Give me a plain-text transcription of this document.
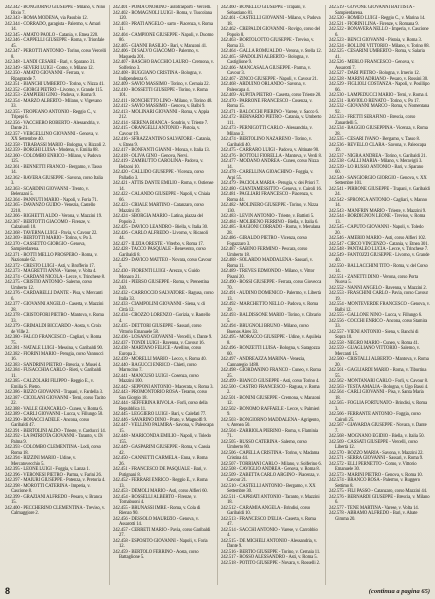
242.342 - BONGIORNO GIUSEPPE - Milano, v. Nino Bixio 7.

242.343 - ROMA MODENA, via Pasubio 12.

242.344 - CORRADO, garagista - Palermo, v. Amari 14.

242.345 - AMATO PAOLO - Catania, v. Etnea 220.

242.346 - CAPPELLI GIUSEPPE - Roma, v. Trionfale 45.

242.347 - PEROTTI ANTONIO - Torino, corso Vercelli 8.

242.348 - LANDI CESARE - Bari, v. Sparano 31.

242.349 - SEVERI LUIGI - Como, v. Milano 12.

242.350 - AMATO GIOVANNI - Ferrara, v. Ripagrande 7.

242.351 - BIANCHI UMBERTO - Torino, v. Nizza 41.

242.352 - GIORGI PIETRO - Livorno, v. Grande 115.

242.353 - ZAMPIERI GINO - Padova, v. Roma 9.

242.354 - MARZO ALBERTO - Milano, v. Vigevano 33.

242.355 - TROPEANO ANTONIO - Reggio C., v. Tripepi 6.

242.356 - VACCHERO ROBERTO - Alessandria, v. Dante 21.

242.357 - VERGELLINO GIOVANNI - Genova, v. XX Settembre 40.

242.358 - TIRABASSI MARIO - Bologna, v. Rizzoli 2.

242.359 - BORGHI LUISA - Modena, v. Emilia 88.

242.360 - COLOMBO ENRICO - Milano, v. Padova 125.

242.361 - BENNETTI FRANCO - Bergamo, v. Tasso 14.

242.362 - RAVERA GIUSEPPE - Savona, corso Italia 3.

242.363 - SCARDINI GIOVANNI - Trento, v. Belenzani 5.

242.364 - PANNUTI MARIO - Napoli, v. Foria 71.

242.365 - DAVANZO GUIDO - Venezia, Castello 2210.

242.366 - RIGHETTI ALDO - Verona, v. Mazzini 19.

242.367 - BERTOTTI GIACOMO - Firenze, v. Calzaiuoli 10.

242.368 - TAVERNA LUIGI - Pavia, v. Cavour 22.

242.369 - BERTOTTI MARIO - Torino, v. Po 3.

242.370 - CASSETTO GIORGIO - Genova, Sampierdarena.

242.371 - ROTTI MELLO PROSPERO - Roma, v. Nazionale 62.

242.372 - CRESTO LUIGI - Asti, v. Brofferio 17.

242.373 - MAGRETTI ANNA - Varese, v. Volta 4.

242.374 - CARDANI NICOLA - Lecce, v. Trinchese 8.

242.375 - CRISTIO ANTONIO - Salerno, corso Umberto 12.

242.376 - CARDARELLI DANTE - Pisa, v. Mercanti 6.

242.377 - GIOVANNI ANGELO - Caserta, v. Mazzini 28.

242.378 - CRISTOFORI PIETRO - Mantova, v. Roma 33.

242.379 - GRIMALDI BICCARDO - Aosta, v. Croix de Ville 2.

242.380 - FALCO FRANCESCO - Cagliari, v. Roma 75.

242.381 - NATALE LUIGI - Messina, v. Garibaldi 90.

242.382 - FIORINI MARIO - Perugia, corso Vannucci 16.

242.383 - SANDRINI PIETRO - Brescia, v. Musei 4.

242.384 - FUSACCHIA CARLO - Rieti, v. Garibaldi 11.

242.385 - CALZOLARI FILIPPO - Reggio E., v. Emilia S. Pietro.

242.386 - RIZZO GIOVANNI - Trapani, v. Fardella 3.

242.387 - CICOLANI GIOVANNI - Terni, corso Tacito 22.

242.388 - VALLE GIANCARLO - Cuneo, v. Roma 6.

242.389 - CARLI GIOVANNI - Lucca, v. Fillungo 50.

242.390 - BONACCI ADELE - Ancona, corso Garibaldi 47.

242.391 - BERTOLINI ALDO - Trieste, v. Carducci 14.

242.392 - LA PATRIOTA GIOVANNI - Taranto, v. Di Palma 9.

242.393 - COLOMBO CLEMENTINA - Lodi, corso Roma 18.

242.394 - RIZZINI MARIO - Udine, v. Mercatovecchio 5.

242.395 - LEONE LUIGI - Foggia, v. Lanza 1.

242.396 - VERONESI PIETRO - Parma, v. Farini 26.

242.397 - MAIURI GIUSEPPE - Potenza, v. Pretoria 4.

242.398 - MOROTTI CATERINA - Imperia, v. Cascione 8.

242.399 - GRAZIANI ALFREDO - Pesaro, v. Branca 15.

242.400 - PECCHERINO CLEMENTINA - Treviso, v. Calmaggiore 2.

242.401 - POMA ONORINO - autotrasporti - Vercelli.

242.402 - ROMAGNOLI LUIGI - Roma, v. Tuscolana 120.

242.403 - PRATI ANGELO - sarto - Piacenza, v. Roma 11.

242.404 - CAMPIONE GIUSEPPE - Napoli, v. Duomo 86.

242.405 - GIANNI BASILIO - Bari, v. Manzoni 41.

242.406 - DI SALVO GIACOMO - Palermo, v. Maqueda 201.

242.407 - BASCHO BACCHIO LAURO - Cremona, v. Solferino 3.

242.408 - BUGGIANO CRISTINA - Bologna, v. Indipendenza 6.

242.409 - SAVIO MASSIMO - Torino, v. Cernaia 22.

242.410 - ROSSETTI GIUSEPPE - Torino, v. Roma 101.

242.411 - RONCHETTO LINO - Milano, v. Torino 48.

242.412 - SAVIO MASSIMO - Genova, v. Balbi 9.

242.413 - MOLINARI GIOVANNI - Roma, v. Appia 212.

242.414 - SERENA BIANCA - Sondrio, v. Trieste 7.

242.415 - ORANGELLI ANTONIO - Pistoia, v. Cavour 19.

242.416 - SFRAZZANTINO SALVATORE - Catania, v. Etnea 9.

242.417 - BONFANTI GIANNI - Monza, v. Italia 13.

242.418 - OLIVA GINO - Genova, Nervi.

242.419 - ZAMBUTTO CAROLINA - Padova, v. Belzoni 10.

242.420 - CALLIDO GIUSEPPE - Vicenza, corso Palladio 3.

242.421 - ATTIS DANTE EMILIO - Roma, v. Ostiense 14.

242.422 - CALANDO GIUSEPPE - Napoli, v. Chiaia 66.

242.423 - CRIALE MARTINO - Catanzaro, corso Mazzini 19.

242.424 - SBORGIA MARIO - Latina, piazza del Popolo 2.

242.425 - DAVICO LEANDRO - Biella, v. Italia 30.

242.426 - CARLO ALFREDO - Livorno, v. Ricasoli 44.

242.427 - ILIZIA ORESTE - Viterbo, v. Roma 17.

242.428 - TACCO PASQUALE - Benevento, corso Garibaldi 8.

242.429 - DAVICO MATTEO - Novara, corso Cavour 5.

242.430 - FIORENTI LUIGI - Arezzo, v. Guido Monaco 21.

242.431 - PIERSO GIUSEPPE - Roma, v. Prenestina 240.

242.432 - CARROCCIO SALVATORE - Ragusa, corso Italia 33.

242.433 - CIAMPOLINI GIOVANNI - Siena, v. di Città 12.

242.434 - CROZZO LORENZO - Gorizia, v. Rastello 4.

242.435 - DETTORI GIUSEPPE - Sassari, corso Vittorio Emanuele 58.

242.436 - LOSANO GIOVANNI - Vercelli, v. Dante 9.

242.437 - TONDI LUIGI - Ravenna, v. Cavour 16.

242.438 - MARTANO FELICE - Avellino, corso Europa 2.

242.439 - MORELLI MARIO - Lecco, v. Roma 40.

242.440 - RAGUCCI ENRICO - Chieti, corso Marrucino 7.

242.441 - MANCUSO LUIGI - Cosenza, corso Mazzini 100.

242.442 - SEPPONI ANTONIO - Macerata, v. Roma 3.

242.443 - PROMONTORIO ROSA - Teramo, corso San Giorgio 18.

242.444 - SEFFERINA RIVOLA - Forlì, corso della Repubblica 11.

242.445 - LEGGIERO LUIGI - Bari, v. Calefati 77.

242.446 - SAVARINO DINO - Prato, v. Magnolfi 9.

242.447 - VELLINO PALMIRA - Savona, v. Paleocapa 15.

242.448 - MARICONDA EMILIO - Napoli, v. Toledo 155.

242.449 - GASPARINI GIUSEPPE - Roma, v. Cassia 42.

242.450 - CANNETTI CARMELA - Enna, v. Roma 26.

242.451 - FRANCESCO DE PASQUALE - Bari, v. Putignani 8.

242.452 - FERRARI ENRICO - Reggio E., v. Roma 13.

242.453 - DEMOLI MARIO - Asti, corso Alfieri 60.

242.454 - ROSSELLI ALBERTO - Firenze, v. Tornabuoni 4.

242.455 - BRUNASSI IMRE - Roma, v. Cola di Rienzo 90.

242.456 - DESSOLO MAURIZIO - Genova, v. Assarotti 14.

242.457 - CERRETI MARIO - Pavia, corso Garibaldi 27.

242.458 - ESPOSITO GIOVANNI - Napoli, v. Foria 12.

242.459 - BERTOLO FERRINO - Aosta, corso Battaglione 5.

242.460 - BONELLO GIUSEPPE - Trapani, v. Sebastiano 81.

242.461 - CASTELLI GIOVANNI - Milano, v. Padova 18.

242.462 - CREPALDI GIOVANNI - Rovigo, corso del Popolo 8.

242.463 - BORTOLOTTO GIUSEPPE - Treviso, v. Roma 33.

242.464 - GALLA ROMUALDO - Verona, v. Stella 12.

242.465 - SPADOLINI ALBERTO - Bologna, v. Castiglione 9.

242.466 - MANCASALA GIUSEPPE - Parma, v. Cavour 3.

242.467 - ZINCO GIUSEPPE - Napoli, v. Cavour 21.

242.468 - ARDUINO ORLANDO - Savona, v. Paleocapa 4.

242.469 - AUPITA PIETRO - Caserta, corso Trieste 20.

242.470 - PARRONE FRANCESCO - Cosenza, v. Roma 15.

242.471 - BALOCCHI PIERINO - Varese, v. Sacco 6.

242.472 - BERNARDO PIETRO - Catania, v. Umberto 111.

242.473 - PERNIGOTTI CARLO - Alessandria, v. Milano 2.

242.474 - BERTOLINO NAZARENO - Torino, v. Garibaldi 40.

242.475 - CARRARO LUIGI - Padova, v. Altinate 90.

242.476 - BOTTOLI FIORELLA - Mantova, v. Verdi 8.

242.477 - MODANO ANDREA - Cuneo, corso Nizza 14.

242.478 - CARELLINA GIOACHINO - Foggia, v. Arpi 55.

242.479 - PACIOLA MARIA - Perugia, v. dei Priori 7.

242.480 - GIANTAMESSITTO - Genova, v. Cairoli 16.

242.481 - PAGLIARI FRANCESCO - Piacenza, v. Roma 44.

242.482 - MOLINERO GIUSEPPE - Torino, v. Nizza 130.

242.483 - LEVIN ANTONIO - Trieste, v. Battisti 5.

242.484 - MOLIBENO FERRINO - Biella, v. Italia 6.

242.485 - RAGIONI CORRADO - Roma, v. Merulana 28.

242.486 - GIRALDO PIETRO - Vicenza, corso Fogazzaro 3.

242.487 - SABINO FERMINO - Pescara, corso Umberto 18.

242.488 - SOLARDO MADDALENA - Sassari, v. Roma 11.

242.489 - TREVES EDMONDO - Milano, v. Vittor Pisani 20.

242.490 - ROSSI GIUSEPPE - Ferrara, corso Giovecca 70.

242.491 - AUDINO DOMENICO - Palermo, v. Libertà 13.

242.492 - MARCHETTO NELLO - Padova, v. Roma 39.

242.493 - BALDISSONE MARIO - Torino, v. Cibrario 5.

242.494 - BRUGNOLI BRUNO - Milano, corso Buenos Aires 33.

242.495 - MORACCO GIUSEPPE - Udine, v. Aquileia 8.

242.496 - RONZETTI LUISA - Bologna, v. Saragozza 60.

242.497 - ANDREAZZA MARINA - Venezia, Cannaregio 1488.

242.498 - GIORDANINO FRANCO - Cuneo, v. Roma 25.

242.499 - BIANCO GIUSEPPE - Asti, corso Torino 4.

242.500 - CASTRO FRANCESCO - Ragusa, v. Roma 2.

242.501 - BONINI GIUSEPPE - Cremona, v. Manzoni 12.

242.502 - BONOMO RAFFAELE - Lecce, v. Palmieri 9.

242.503 - BONGIORNO MADDALENA - Agrigento, v. Atenea 50.

242.504 - ZARRIOLA PIERINO - Roma, v. Flaminia 71.

242.505 - RUSSO CATERINA - Salerno, corso Umberto 80.

242.506 - CAPELLA CRISTINA - Torino, v. Madama Cristina 44.

242.507 - TORRIANI CARLO - Milano, v. Solferino 6.

242.508 - CAVIGLIO ANDREA - Genova, v. Roma 8.

242.509 - ZABETTA CARLO ARGINO - Piacenza, v. Cavour 21.

242.510 - CASTELLI ANTONIO - Bergamo, v. XX Settembre 30.

242.511 - CAPRIATI ANTONIO - Taranto, v. Mazzini 18.

242.512 - CARAMIA ANGELA - Brindisi, corso Garibaldi 10.

242.513 - FRANCESCO D'ELIA - Caserta, v. Roma 47.

242.514 - SACCHI ANTONIO - Varese, v. Carrobbio 4.

242.515 - DE MICHELI ANTONIO - Alessandria, v. Dante 9.

242.516 - BERTIO GIUSEPPE - Torino, v. Cernaia 11.

242.517 - ROSSO ALESSANDRO - Asti, v. Roma 5.

242.518 - POTITO GIUSEPPE - Novara, v. Rosselli 2.

242.519 - GOVONE GIOVANNI BATTISTA - Sampierdarena.

242.520 - ROMEO LUIGI - Reggio C., v. Marina 14.

242.521 - FIORINI LINA - Firenze, v. Romana 9.

242.522 - BONAVERA NELLO - Imperia, v. Cascione 6.

242.523 - BENCI GIOVANNI - Pistoia, v. Roma 3.

242.524 - BOLLINI VITTORIO - Milano, v. Torino 88.

242.525 - CESARINI UMBERTO - Roma, v. Salaria 41.

242.526 - MERLO FRANCESCO - Genova, v. Assarotti 7.

242.527 - DARI PIETRO - Bologna, v. Irnerio 12.

242.528 - MARINI ADRIANO - Pesaro, v. Rossini 30.

242.529 - FIGLIOLI COSTANZA - Napoli, v. Posillipo 66.

242.530 - LAMPEDUCCI MARIO - Terni, v. Roma 4.

242.531 - RAVIOLO RENATO - Torino, v. Po 17.

242.532 - GIOVANNI MARCO - Roma, v. Nomentana 92.

242.533 - FRETTI SERAFINO - Brescia, corso Zanardelli 5.

242.534 - BAGGIO GIUSEPPINA - Vicenza, v. Roma 28.

242.535 - CESARI IVANO - Bergamo, v. Tasso 8.

242.536 - REVELLO CLARA - Savona, v. Paleocapa 19.

242.537 - NIGRA ANDREA - Torino, v. Garibaldi 21.

242.538 - GALLI MARIA - Milano, v. Meravigli 3.

242.539 - LO RUSSO ANTONIO - Bari, v. Sparano 60.

242.540 - SANGIORGIO GIORGIO - Genova, v. XX Settembre 101.

242.541 - PIRRONE GIUSEPPE - Trapani, v. Garibaldi 24.

242.542 - SPRONCA ANTONIO - Cagliari, v. Manno 14.

242.543 - MANFRIN MARIO - Trieste, v. Mazzini 9.

242.544 - BORDIGNON LEONE - Treviso, v. Roma 13.

242.545 - CAPUTO GIOVANNI - Napoli, v. Toledo 20.

242.546 - AMERIO MARIO - Asti, corso Alfieri 102.

242.547 - CIRCO VINCENZO - Catania, v. Etnea 301.

242.548 - PANTALEO LUCIA - Lecce, v. Trinchese 7.

242.549 - FANTOZZI GIUSEPPE - Livorno, v. Grande 40.

242.550 - BALLACCHINI TITO - Roma, v. del Corso 14.

242.551 - ZANETTI DINO - Verona, corso Porta Nuova 5.

242.552 - NANNI ANGELO - Ravenna, v. Mazzini 2.

242.553 - FRASCHINI CARLO - Pavia, corso Cavour 19.

242.554 - MONTEVERDE FRANCESCO - Genova, v. Balbi 12.

242.555 - GALLONE NINO - Lucca, v. Fillungo 6.

242.556 - COCCHI ENRICO - Ancona, corso Stamira 33.

242.557 - VIENI ANTONIO - Siena, v. Banchi di Sopra 10.

242.558 - NEGRO MARIO - Cuneo, v. Roma 41.

242.559 - GUAGLIANO VITTORIO - Salerno, v. Mercanti 15.

242.560 - CRISTALLI ALBERTO - Mantova, v. Roma 20.

242.561 - GAGLIARDI MARIO - Roma, v. Tiburtina 55.

242.562 - MONTANARI CARLO - Forlì, v. Cavour 8.

242.563 - TESTA AMALIA - Bologna, v. Ugo Bassi 4.

242.564 - CARLI GIOVANNI - Pisa, v. Santa Maria 18.

242.565 - FOGLIA FORTUNATO - Brindisi, v. Roma 3.

242.566 - FERRANTE ANTONIO - Foggia, corso Cairoli 25.

242.567 - GIAVARDA GIUSEPPE - Novara, v. Dante 7.

242.568 - MOGNANO EGIDIO - Biella, v. Italia 50.

242.569 - CASSATI GIUSEPPE - Vercelli, corso Libertà 12.

242.570 - BOZZO MARIA - Savona, v. Mazzini 22.

242.571 - SERRA GIOVANNI - Sassari, v. Roma 9.

242.572 - ELLI PERNETTO - Como, v. Vittorio Emanuele 30.

242.573 - MARINI PIETRO - Genova, v. Roma 10.

242.574 - BRANCO ROSA - Palermo, v. Ruggero Settimo 8.

242.575 - FILI PASSO - Catanzaro, corso Mazzini 44.

242.576 - BERNARDI GIUSEPPE - Brescia, v. Milano 6.

242.577 - TENE MARTINA - Varese, v. Volta 14.

242.578 - ABRAMO ALFREDO - Bari, v. Abate Gimma 20.

8	(continua a pagina 65)
